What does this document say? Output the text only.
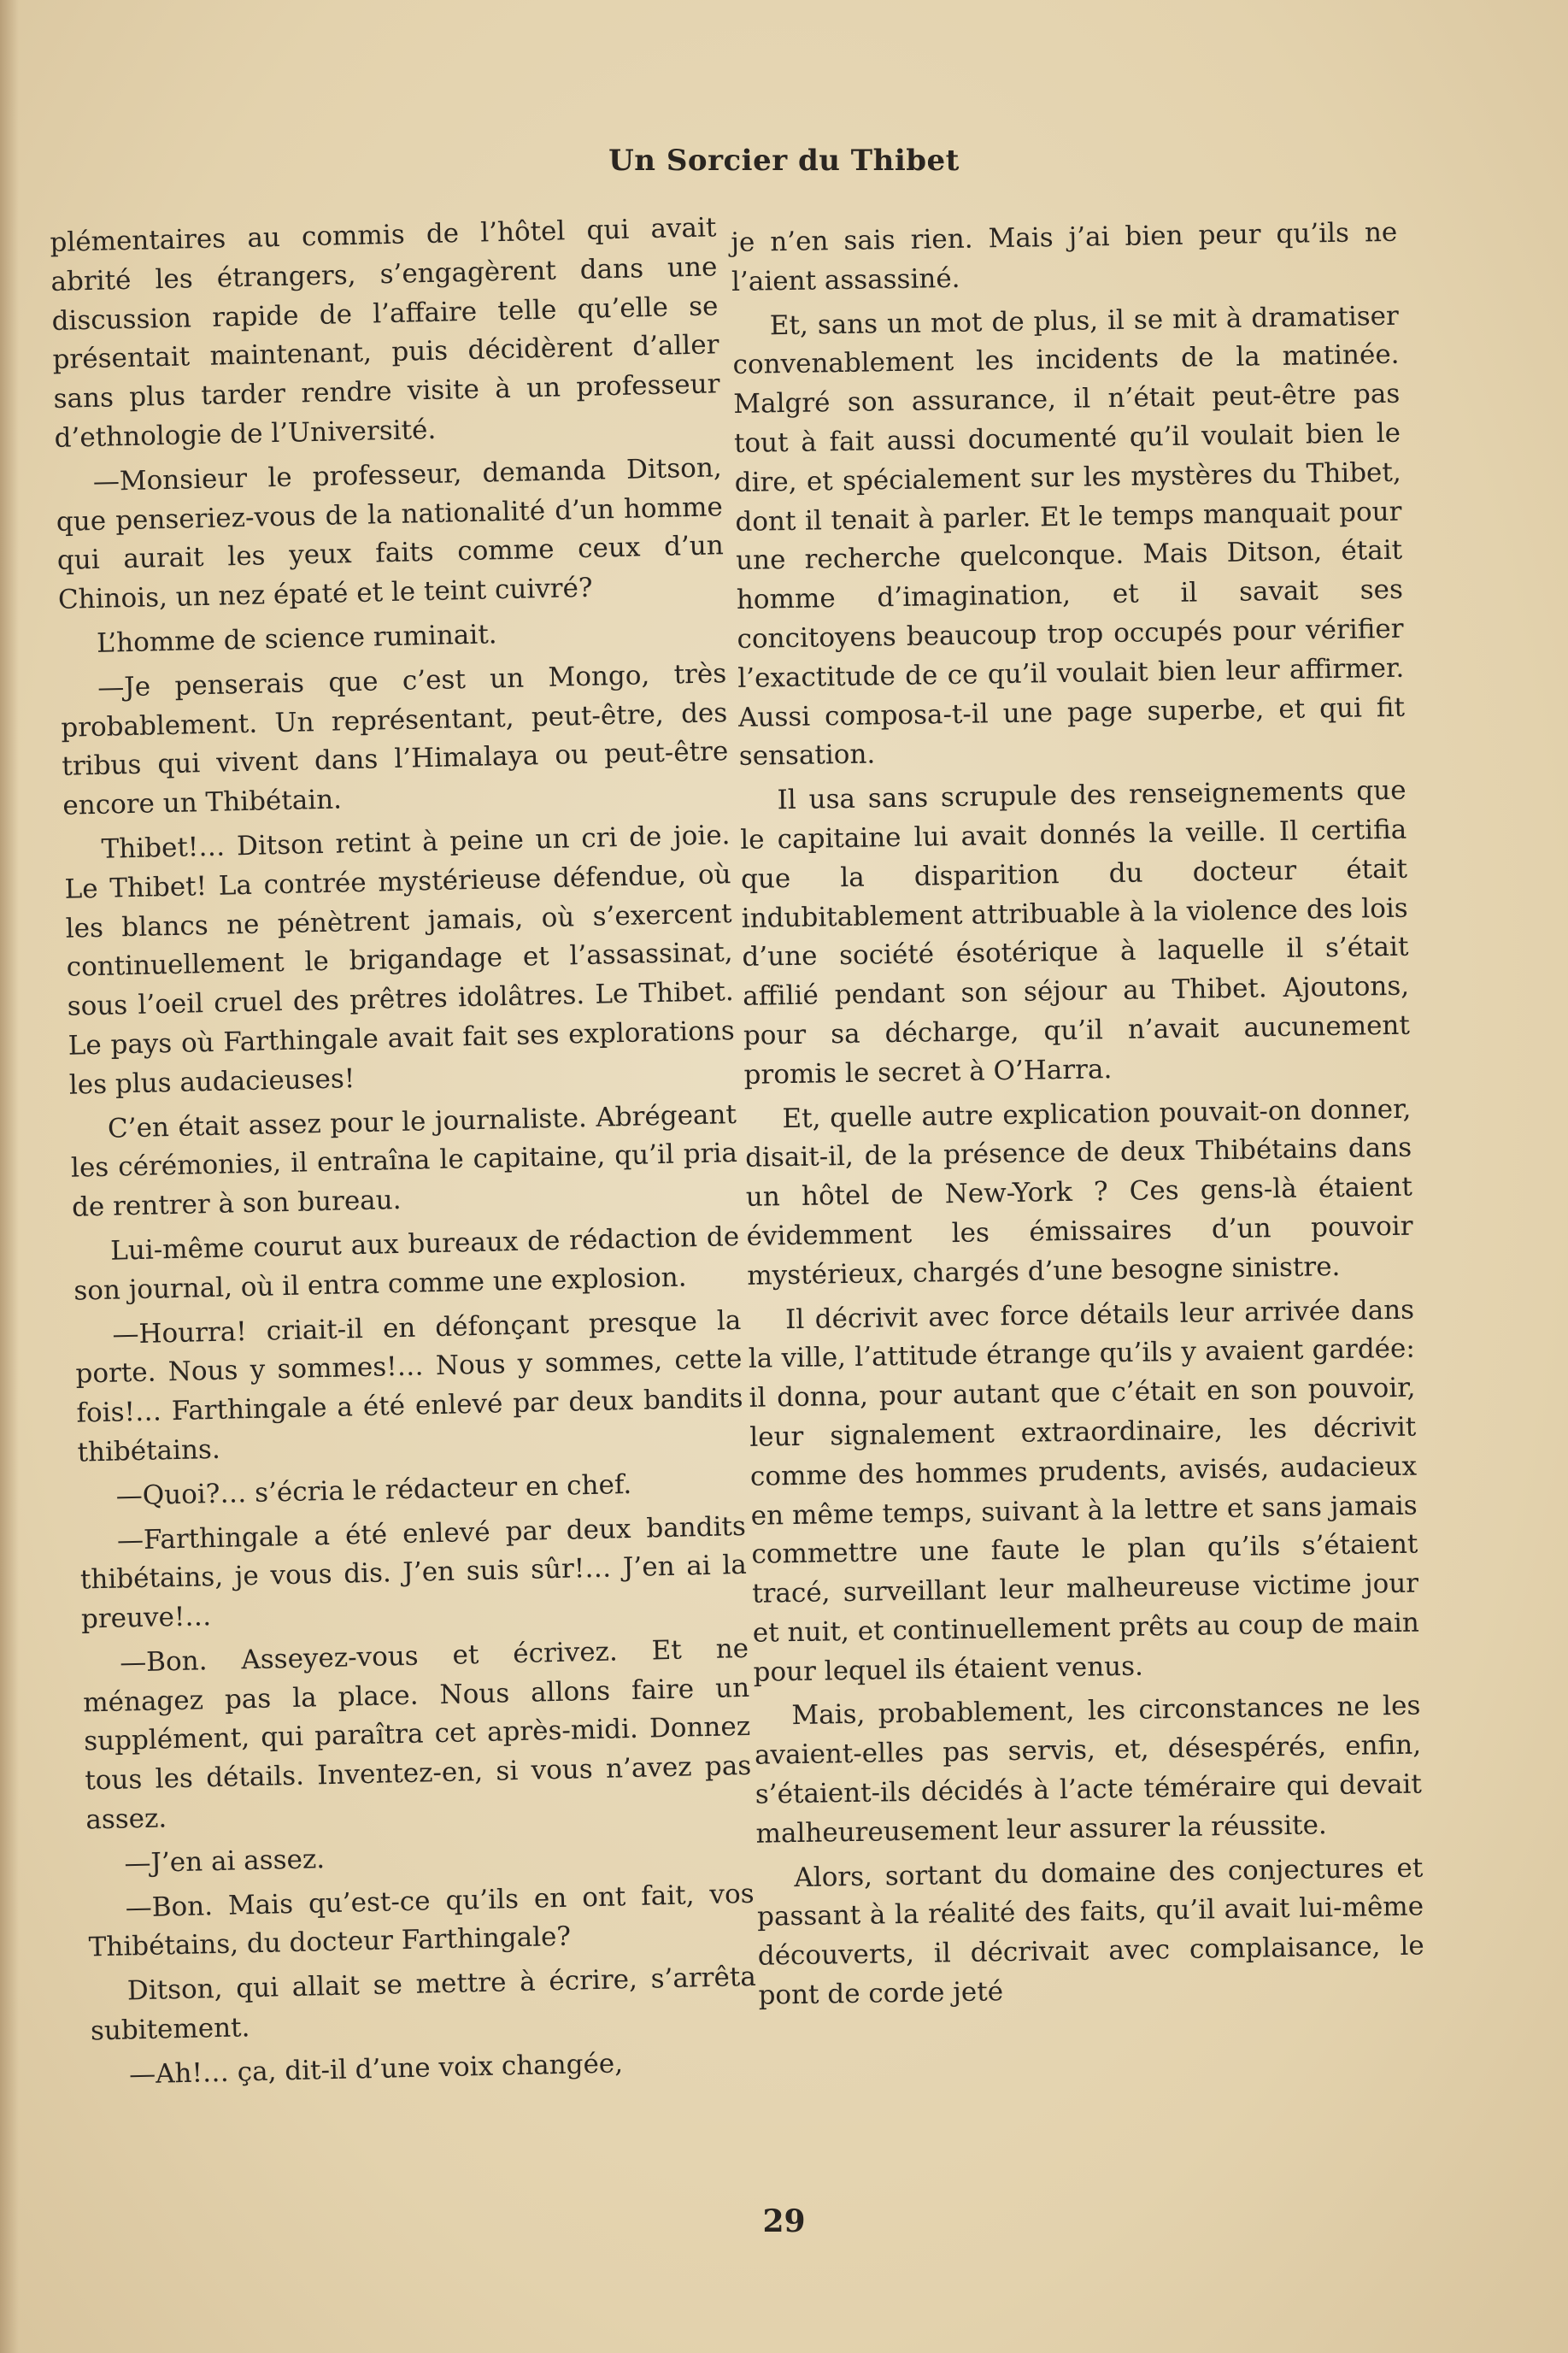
Un Sorcier du Thibet

plémentaires au commis de l’hôtel qui avait abrité les étrangers, s’engagèrent dans une discussion rapide de l’affaire telle qu’elle se présentait maintenant, puis décidèrent d’aller sans plus tarder rendre visite à un professeur d’ethnologie de l’Université.

—Monsieur le professeur, demanda Ditson, que penseriez-vous de la nationalité d’un homme qui aurait les yeux faits comme ceux d’un Chinois, un nez épaté et le teint cuivré?

L’homme de science ruminait.

—Je penserais que c’est un Mongo, très probablement. Un représentant, peut-être, des tribus qui vivent dans l’Himalaya ou peut-être encore un Thibétain.

Thibet!… Ditson retint à peine un cri de joie. Le Thibet! La contrée mystérieuse défendue, où les blancs ne pénètrent jamais, où s’exercent continuellement le brigandage et l’assassinat, sous l’oeil cruel des prêtres idolâtres. Le Thibet. Le pays où Farthingale avait fait ses explorations les plus audacieuses!

C’en était assez pour le journaliste. Abrégeant les cérémonies, il entraîna le capitaine, qu’il pria de rentrer à son bureau.

Lui-même courut aux bureaux de rédaction de son journal, où il entra comme une explosion.

—Hourra! criait-il en défonçant presque la porte. Nous y sommes!… Nous y sommes, cette fois!… Farthingale a été enlevé par deux bandits thibétains.

—Quoi?… s’écria le rédacteur en chef.

—Farthingale a été enlevé par deux bandits thibétains, je vous dis. J’en suis sûr!… J’en ai la preuve!…

—Bon. Asseyez-vous et écrivez. Et ne ménagez pas la place. Nous allons faire un supplément, qui paraîtra cet après-midi. Donnez tous les détails. Inventez-en, si vous n’avez pas assez.

—J’en ai assez.

—Bon. Mais qu’est-ce qu’ils en ont fait, vos Thibétains, du docteur Farthingale?

Ditson, qui allait se mettre à écrire, s’arrêta subitement.

—Ah!… ça, dit-il d’une voix changée,

je n’en sais rien. Mais j’ai bien peur qu’ils ne l’aient assassiné.

Et, sans un mot de plus, il se mit à dramatiser convenablement les incidents de la matinée. Malgré son assurance, il n’était peut-être pas tout à fait aussi documenté qu’il voulait bien le dire, et spécialement sur les mystères du Thibet, dont il tenait à parler. Et le temps manquait pour une recherche quelconque. Mais Ditson, était homme d’imagination, et il savait ses concitoyens beaucoup trop occupés pour vérifier l’exactitude de ce qu’il voulait bien leur affirmer. Aussi composa-t-il une page superbe, et qui fit sensation.

Il usa sans scrupule des renseignements que le capitaine lui avait donnés la veille. Il certifia que la disparition du docteur était indubitablement attribuable à la violence des lois d’une société ésotérique à laquelle il s’était affilié pendant son séjour au Thibet. Ajoutons, pour sa décharge, qu’il n’avait aucunement promis le secret à O’Harra.

Et, quelle autre explication pouvait-on donner, disait-il, de la présence de deux Thibétains dans un hôtel de New-York ? Ces gens-là étaient évidemment les émissaires d’un pouvoir mystérieux, chargés d’une besogne sinistre.

Il décrivit avec force détails leur arrivée dans la ville, l’attitude étrange qu’ils y avaient gardée: il donna, pour autant que c’était en son pouvoir, leur signalement extraordinaire, les décrivit comme des hommes prudents, avisés, audacieux en même temps, suivant à la lettre et sans jamais commettre une faute le plan qu’ils s’étaient tracé, surveillant leur malheureuse victime jour et nuit, et continuellement prêts au coup de main pour lequel ils étaient venus.

Mais, probablement, les circonstances ne les avaient-elles pas servis, et, désespérés, enfin, s’étaient-ils décidés à l’acte téméraire qui devait malheureusement leur assurer la réussite.

Alors, sortant du domaine des conjectures et passant à la réalité des faits, qu’il avait lui-même découverts, il décrivait avec complaisance, le pont de corde jeté

29
